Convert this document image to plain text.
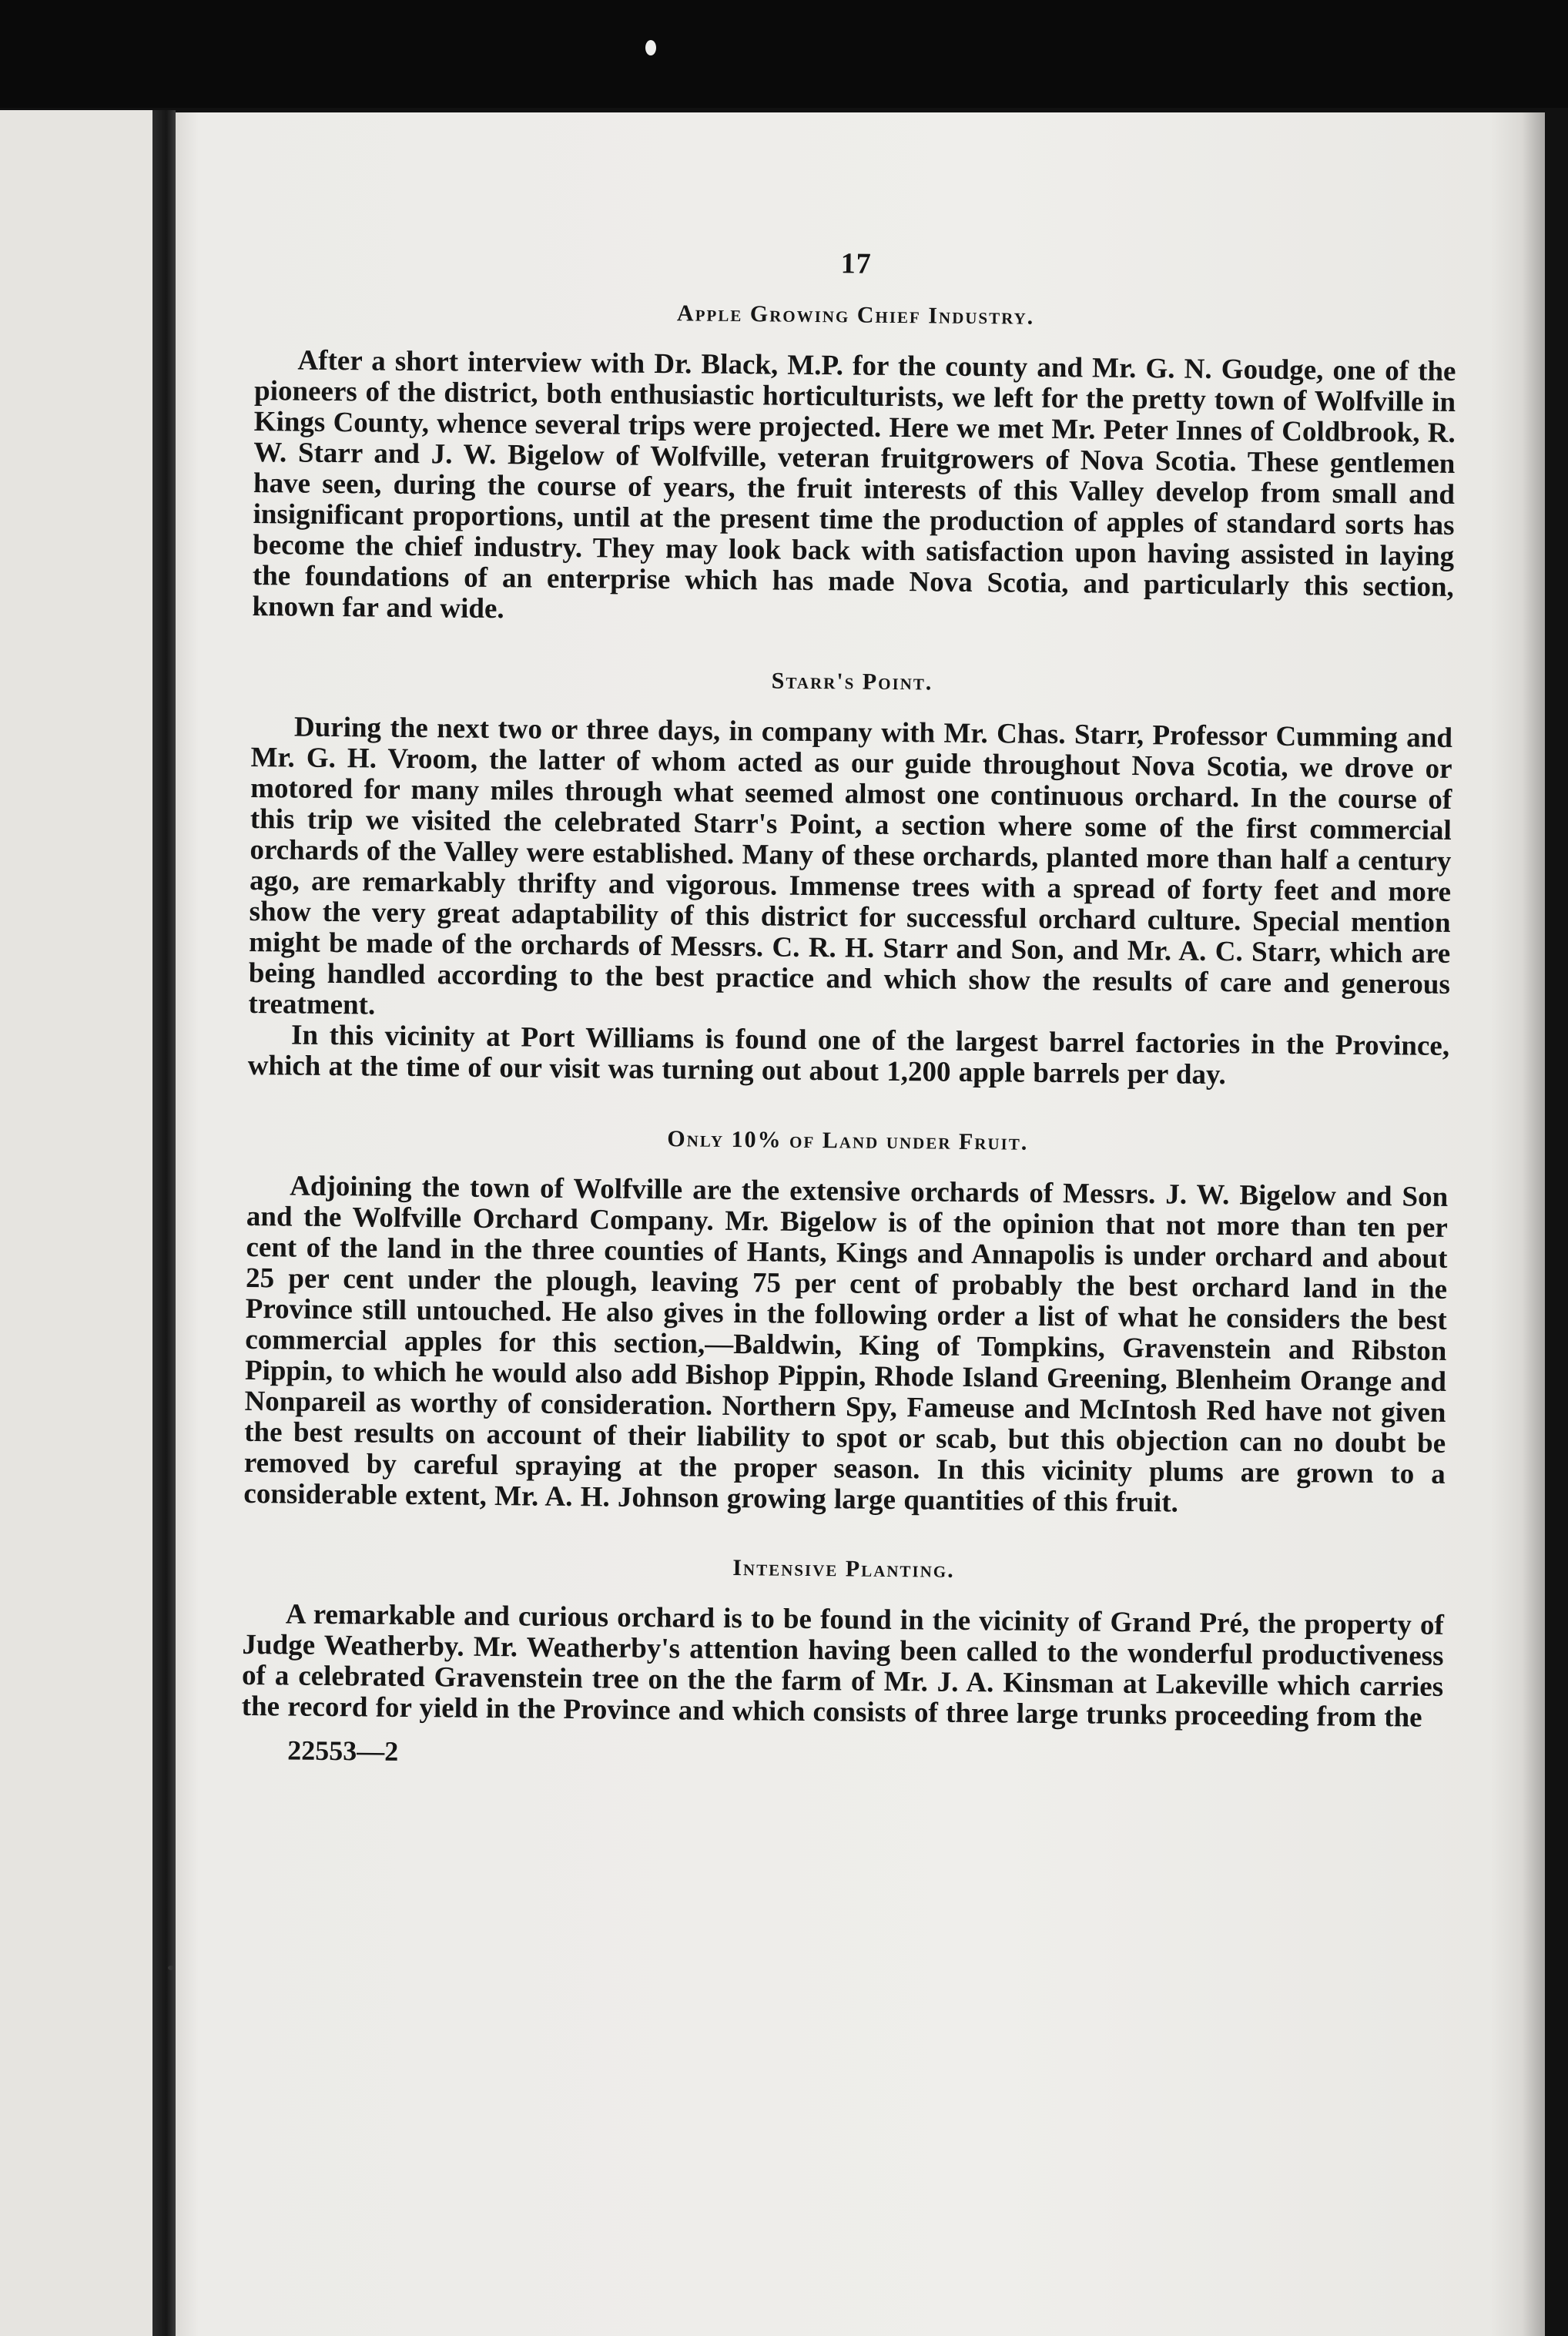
17
Apple Growing Chief Industry.

After a short interview with Dr. Black, M.P. for the county and Mr. G. N. Goudge, one of the pioneers of the district, both enthusiastic horticulturists, we left for the pretty town of Wolfville in Kings County, whence several trips were projected. Here we met Mr. Peter Innes of Coldbrook, R. W. Starr and J. W. Bigelow of Wolfville, veteran fruitgrowers of Nova Scotia. These gentlemen have seen, during the course of years, the fruit interests of this Valley develop from small and insignificant proportions, until at the present time the production of apples of standard sorts has become the chief industry. They may look back with satisfaction upon having assisted in laying the foundations of an enterprise which has made Nova Scotia, and particularly this section, known far and wide.

Starr's Point.

During the next two or three days, in company with Mr. Chas. Starr, Professor Cumming and Mr. G. H. Vroom, the latter of whom acted as our guide throughout Nova Scotia, we drove or motored for many miles through what seemed almost one continuous orchard. In the course of this trip we visited the celebrated Starr's Point, a section where some of the first commercial orchards of the Valley were established. Many of these orchards, planted more than half a century ago, are remarkably thrifty and vigorous. Immense trees with a spread of forty feet and more show the very great adaptability of this district for successful orchard culture. Special mention might be made of the orchards of Messrs. C. R. H. Starr and Son, and Mr. A. C. Starr, which are being handled according to the best practice and which show the results of care and generous treatment.

In this vicinity at Port Williams is found one of the largest barrel factories in the Province, which at the time of our visit was turning out about 1,200 apple barrels per day.

Only 10% of Land under Fruit.

Adjoining the town of Wolfville are the extensive orchards of Messrs. J. W. Bigelow and Son and the Wolfville Orchard Company. Mr. Bigelow is of the opinion that not more than ten per cent of the land in the three counties of Hants, Kings and Annapolis is under orchard and about 25 per cent under the plough, leaving 75 per cent of probably the best orchard land in the Province still untouched. He also gives in the following order a list of what he considers the best commercial apples for this section,—Baldwin, King of Tompkins, Gravenstein and Ribston Pippin, to which he would also add Bishop Pippin, Rhode Island Greening, Blenheim Orange and Nonpareil as worthy of consideration. Northern Spy, Fameuse and McIntosh Red have not given the best results on account of their liability to spot or scab, but this objection can no doubt be removed by careful spraying at the proper season. In this vicinity plums are grown to a considerable extent, Mr. A. H. Johnson growing large quantities of this fruit.

Intensive Planting.

A remarkable and curious orchard is to be found in the vicinity of Grand Pré, the property of Judge Weatherby. Mr. Weatherby's attention having been called to the wonderful productiveness of a celebrated Gravenstein tree on the the farm of Mr. J. A. Kinsman at Lakeville which carries the record for yield in the Province and which consists of three large trunks proceeding from the

22553—2
